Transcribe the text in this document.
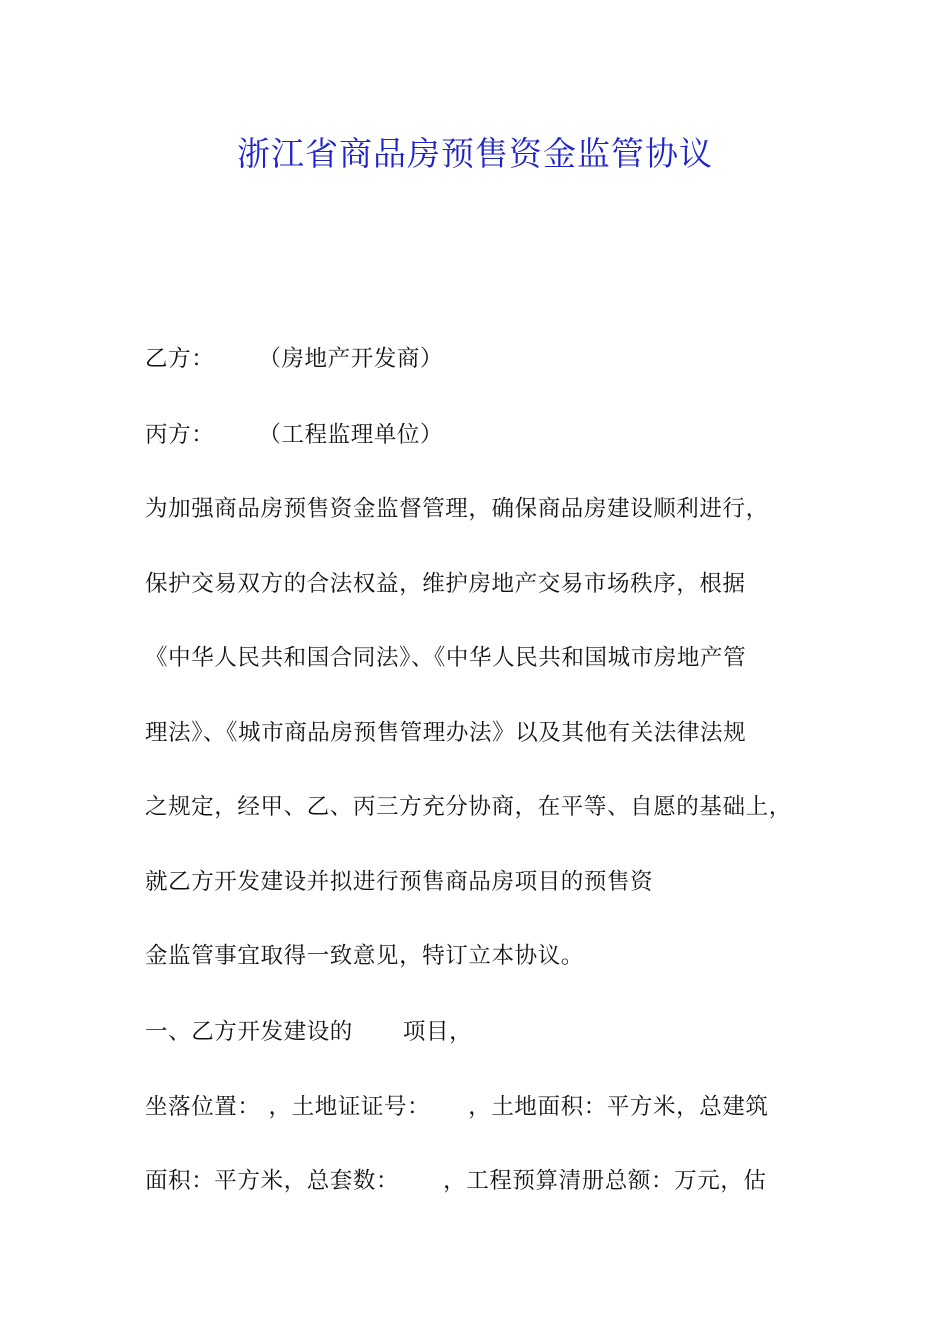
浙江省商品房预售资金监管协议
乙方： （房地产开发商）
丙方： （工程监理单位）
为加强商品房预售资金监督管理，确保商品房建设顺利进行，
保护交易双方的合法权益，维护房地产交易市场秩序，根据
《中华人民共和国合同法》、《中华人民共和国城市房地产管
理法》、《城市商品房预售管理办法》以及其他有关法律法规
之规定，经甲、乙、丙三方充分协商，在平等、自愿的基础上，
就乙方开发建设并拟进行预售商品房项目的预售资
金监管事宜取得一致意见，特订立本协议。
一、乙方开发建设的 项目，
坐落位置： ，土地证证号： ，土地面积：平方米，总建筑
面积：平方米，总套数： ，工程预算清册总额：万元，估
